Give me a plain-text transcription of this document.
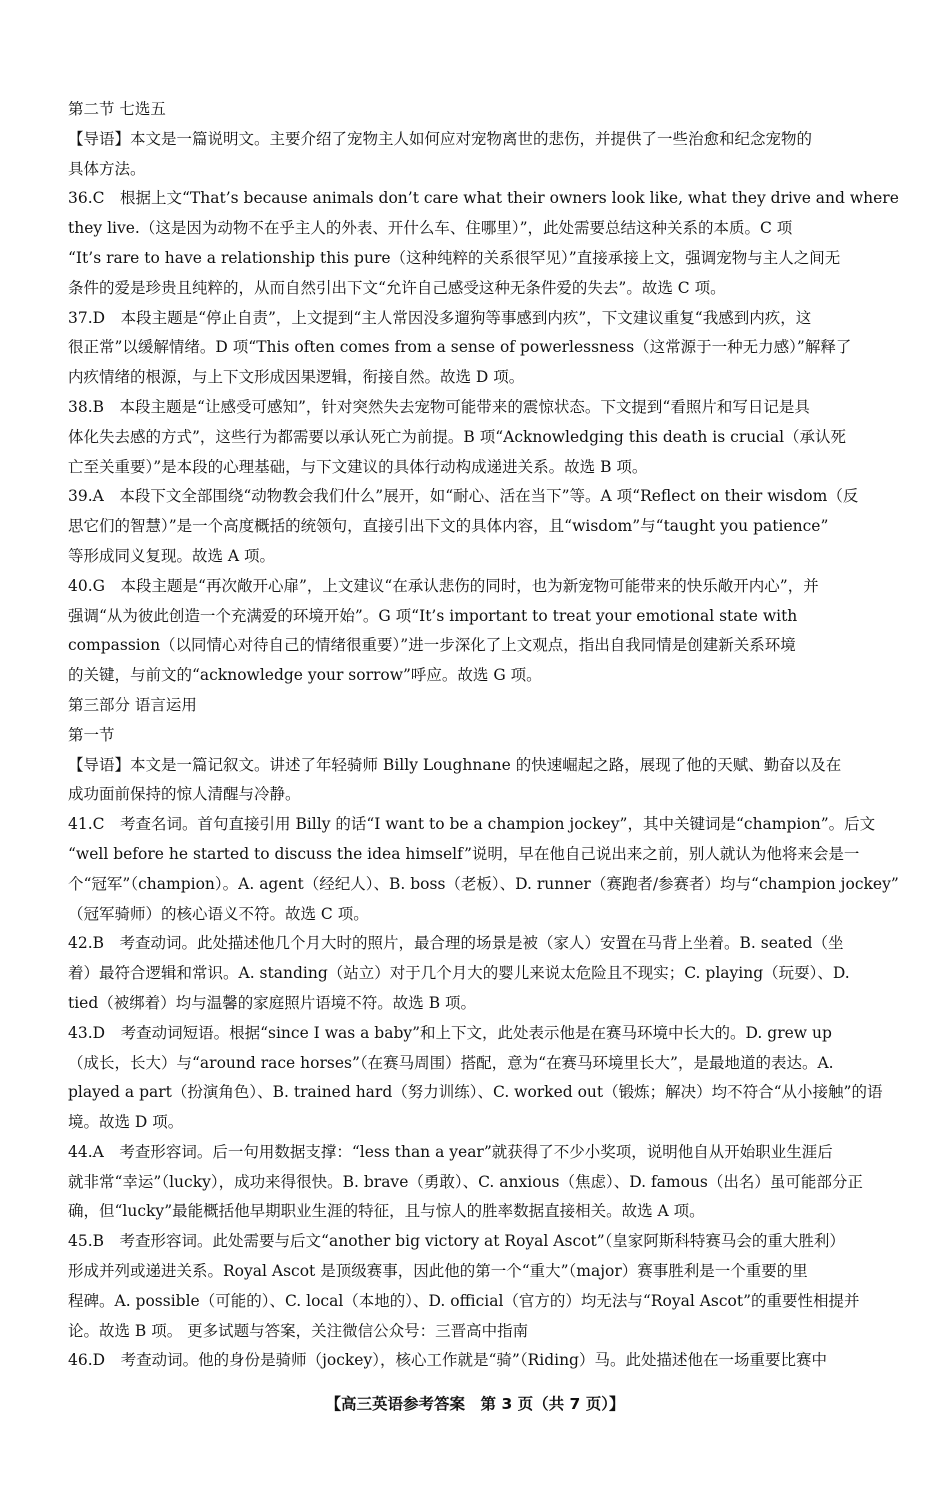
第二节 七选五
【导语】本文是一篇说明文。主要介绍了宠物主人如何应对宠物离世的悲伤，并提供了一些治愈和纪念宠物的
具体方法。
36.C　根据上文“That’s because animals don’t care what their owners look like, what they drive and where
they live.（这是因为动物不在乎主人的外表、开什么车、住哪里）”，此处需要总结这种关系的本质。C 项
“It’s rare to have a relationship this pure（这种纯粹的关系很罕见）”直接承接上文，强调宠物与主人之间无
条件的爱是珍贵且纯粹的，从而自然引出下文“允许自己感受这种无条件爱的失去”。故选 C 项。
37.D　本段主题是“停止自责”，上文提到“主人常因没多遛狗等事感到内疚”，下文建议重复“我感到内疚，这
很正常”以缓解情绪。D 项“This often comes from a sense of powerlessness（这常源于一种无力感）”解释了
内疚情绪的根源，与上下文形成因果逻辑，衔接自然。故选 D 项。
38.B　本段主题是“让感受可感知”，针对突然失去宠物可能带来的震惊状态。下文提到“看照片和写日记是具
体化失去感的方式”，这些行为都需要以承认死亡为前提。B 项“Acknowledging this death is crucial（承认死
亡至关重要）”是本段的心理基础，与下文建议的具体行动构成递进关系。故选 B 项。
39.A　本段下文全部围绕“动物教会我们什么”展开，如“耐心、活在当下”等。A 项“Reflect on their wisdom（反
思它们的智慧）”是一个高度概括的统领句，直接引出下文的具体内容，且“wisdom”与“taught you patience”
等形成同义复现。故选 A 项。
40.G　本段主题是“再次敞开心扉”，上文建议“在承认悲伤的同时，也为新宠物可能带来的快乐敞开内心”，并
强调“从为彼此创造一个充满爱的环境开始”。G 项“It’s important to treat your emotional state with
compassion（以同情心对待自己的情绪很重要）”进一步深化了上文观点，指出自我同情是创建新关系环境
的关键，与前文的“acknowledge your sorrow”呼应。故选 G 项。
第三部分 语言运用
第一节
【导语】本文是一篇记叙文。讲述了年轻骑师 Billy Loughnane 的快速崛起之路，展现了他的天赋、勤奋以及在
成功面前保持的惊人清醒与冷静。
41.C　考查名词。首句直接引用 Billy 的话“I want to be a champion jockey”，其中关键词是“champion”。后文
“well before he started to discuss the idea himself”说明，早在他自己说出来之前，别人就认为他将来会是一
个“冠军”（champion）。A. agent（经纪人）、B. boss（老板）、D. runner（赛跑者/参赛者）均与“champion jockey”
（冠军骑师）的核心语义不符。故选 C 项。
42.B　考查动词。此处描述他几个月大时的照片，最合理的场景是被（家人）安置在马背上坐着。B. seated（坐
着）最符合逻辑和常识。A. standing（站立）对于几个月大的婴儿来说太危险且不现实；C. playing（玩耍）、D.
tied（被绑着）均与温馨的家庭照片语境不符。故选 B 项。
43.D　考查动词短语。根据“since I was a baby”和上下文，此处表示他是在赛马环境中长大的。D. grew up
（成长，长大）与“around race horses”（在赛马周围）搭配，意为“在赛马环境里长大”，是最地道的表达。A.
played a part（扮演角色）、B. trained hard（努力训练）、C. worked out（锻炼；解决）均不符合“从小接触”的语
境。故选 D 项。
44.A　考查形容词。后一句用数据支撑：“less than a year”就获得了不少小奖项，说明他自从开始职业生涯后
就非常“幸运”（lucky），成功来得很快。B. brave（勇敢）、C. anxious（焦虑）、D. famous（出名）虽可能部分正
确，但“lucky”最能概括他早期职业生涯的特征，且与惊人的胜率数据直接相关。故选 A 项。
45.B　考查形容词。此处需要与后文“another big victory at Royal Ascot”（皇家阿斯科特赛马会的重大胜利）
形成并列或递进关系。Royal Ascot 是顶级赛事，因此他的第一个“重大”（major）赛事胜利是一个重要的里
程碑。A. possible（可能的）、C. local（本地的）、D. official（官方的）均无法与“Royal Ascot”的重要性相提并
论。故选 B 项。 更多试题与答案，关注微信公众号：三晋高中指南
46.D　考查动词。他的身份是骑师（jockey），核心工作就是“骑”（Riding）马。此处描述他在一场重要比赛中
【高三英语参考答案　第 3 页（共 7 页）】
